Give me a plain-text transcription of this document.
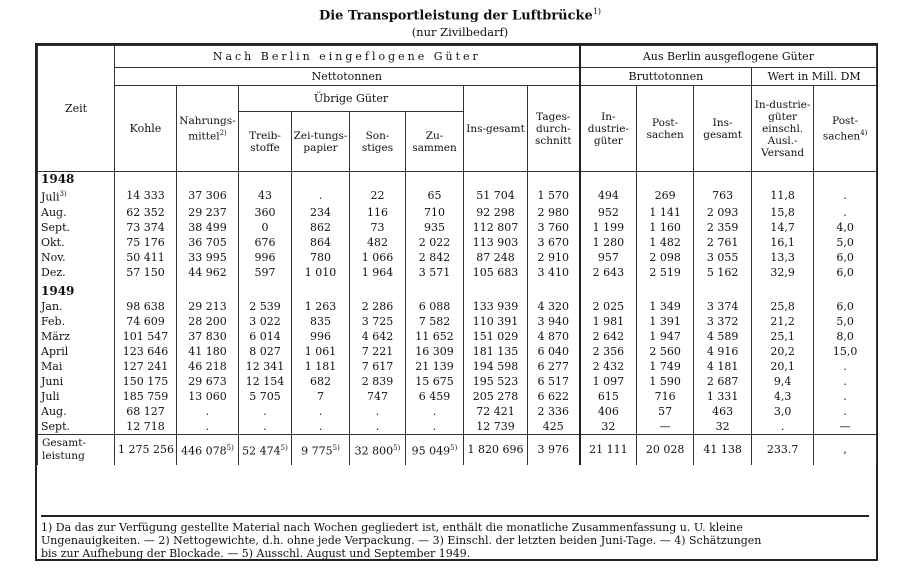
Die Transportleistung der Luftbrücke$^{1)}$
(nur Zivilbedarf)
Zeit	Nach Berlin eingeflogene Güter								Aus Berlin ausgeflogene Güter				
	Nettotonnen								Bruttotonnen			Wert in Mill. DM	
	Kohle	Nahrungs-mittel$^{2)}$	Übrige Güter				Ins-gesamt	Tages-durch-schnitt	In-dustrie-güter	Post-sachen	Ins-gesamt	In-dustrie-güter einschl. Ausl.-Versand	Post-sachen$^{4)}$
			Treib-stoffe	Zei-tungs-papier	Son-stiges	Zu-sammen							
1948													
Juli$^{3)}$	14 333	37 306	43	.	22	65	51 704	1 570	494	269	763	11,8	.
Aug.	62 352	29 237	360	234	116	710	92 298	2 980	952	1 141	2 093	15,8	.
Sept.	73 374	38 499	0	862	73	935	112 807	3 760	1 199	1 160	2 359	14,7	4,0
Okt.	75 176	36 705	676	864	482	2 022	113 903	3 670	1 280	1 482	2 761	16,1	5,0
Nov.	50 411	33 995	996	780	1 066	2 842	87 248	2 910	957	2 098	3 055	13,3	6,0
Dez.	57 150	44 962	597	1 010	1 964	3 571	105 683	3 410	2 643	2 519	5 162	32,9	6,0

1949													
Jan.	98 638	29 213	2 539	1 263	2 286	6 088	133 939	4 320	2 025	1 349	3 374	25,8	6,0
Feb.	74 609	28 200	3 022	835	3 725	7 582	110 391	3 940	1 981	1 391	3 372	21,2	5,0
März	101 547	37 830	6 014	996	4 642	11 652	151 029	4 870	2 642	1 947	4 589	25,1	8,0
April	123 646	41 180	8 027	1 061	7 221	16 309	181 135	6 040	2 356	2 560	4 916	20,2	15,0
Mai	127 241	46 218	12 341	1 181	7 617	21 139	194 598	6 277	2 432	1 749	4 181	20,1	.
Juni	150 175	29 673	12 154	682	2 839	15 675	195 523	6 517	1 097	1 590	2 687	9,4	.
Juli	185 759	13 060	5 705	7	747	6 459	205 278	6 622	615	716	1 331	4,3	.
Aug.	68 127	.	.	.	.	.	72 421	2 336	406	57	463	3,0	.
Sept.	12 718	.	.	.	.	.	12 739	425	32	—	32	.	—
Gesamt-leistung	1 275 256	446 078$^{5)}$	52 474$^{5)}$	9 775$^{5)}$	32 800$^{5)}$	95 049$^{5)}$	1 820 696	3 976	21 111	20 028	41 138	233.7	,
1) Da das zur Verfügung gestellte Material nach Wochen gegliedert ist, enthält die monatliche Zusammenfassung u. U. kleine
Ungenauigkeiten. — 2) Nettogewichte, d.h. ohne jede Verpackung. — 3) Einschl. der letzten beiden Juni-Tage. — 4) Schätzungen
bis zur Aufhebung der Blockade. — 5) Ausschl. August und September 1949.
